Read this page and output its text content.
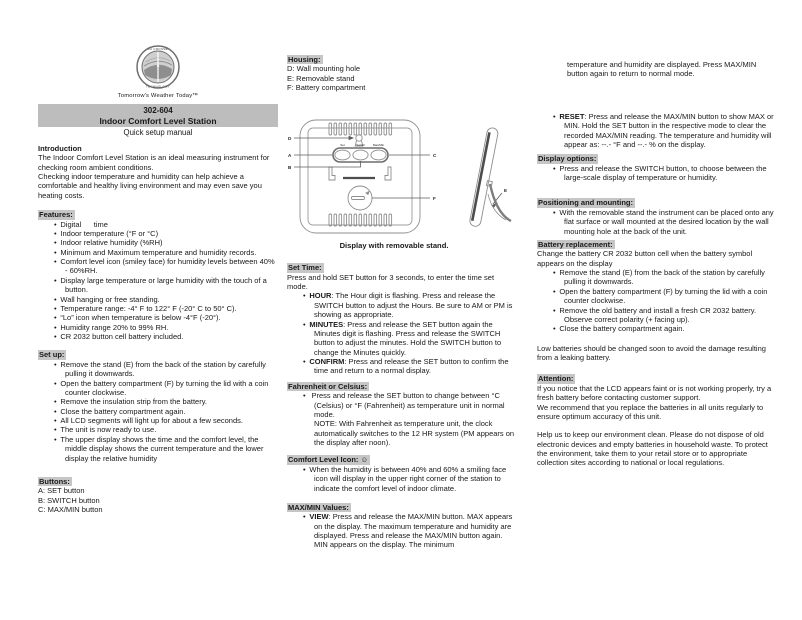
LA CROSSE
TECHNOLOGY
Tomorrow's Weather Today™
302-604
Indoor Comfort Level Station
Quick setup manual
Introduction

The Indoor Comfort Level Station is an ideal measuring instrument for checking room ambient conditions.

Checking indoor temperature and humidity can help achieve a comfortable and healthy living environment and may even save you heating costs.

Features:
• Digital      time
• Indoor temperature (°F or °C)
• Indoor relative humidity (%RH)
• Minimum and Maximum temperature and humidity records.
• Comfort level icon (smiley face) for humidity levels between 40% - 60%RH.
• Display large temperature or large humidity with the touch of a button.
• Wall hanging or free standing.
• Temperature range: -4° F to 122° F (-20° C to 50° C).
• “Lo” icon when temperature is below -4°F (-20°).
• Humidity range 20% to 99% RH.
• CR 2032 button cell battery included.
Set up:
• Remove the stand (E) from the back of the station by carefully pulling it downwards.
• Open the battery compartment (F) by turning the lid with a coin counter clockwise.
• Remove the insulation strip from the battery.
• Close the battery compartment again.
• All LCD segments will light up for about a few seconds.
• The unit is now ready to use.
• The upper display shows the time and the comfort level, the middle display shows the current temperature and the lower display the relative humidity
Buttons:

A: SET button

B: SWITCH button

C: MAX/MIN button

Housing:

D: Wall mounting hole

E: Removable stand

F: Battery compartment

D
A
B
C
F
E
Set	Switch	Max/Min
Display with removable stand.
Set Time:

Press and hold SET button for 3 seconds, to enter the time set mode.

• HOUR: The Hour digit is flashing. Press and release the SWITCH button to adjust the Hours. Be sure to AM or PM is showing as appropriate.
• MINUTES: Press and release the SET button again the Minutes digit is flashing. Press and release the SWITCH button to adjust the minutes. Hold the SWITCH button to change the Minutes quickly.
• CONFIRM: Press and release the SET button to confirm the time and return to a normal display.
Fahrenheit or Celsius:
• Press and release the SET button to change between °C (Celsius) or °F (Fahrenheit) as temperature unit in normal mode.
NOTE: With Fahrenheit as temperature unit, the clock automatically switches to the 12 HR system (PM appears on the display after noon).
Comfort Level Icon: ☺
• When the humidity is between 40% and 60% a smiling face icon will display in the upper right corner of the station to indicate the comfort level of indoor climate.
MAX/MIN Values:
• VIEW: Press and release the MAX/MIN button. MAX appears on the display. The maximum temperature and humidity are displayed. Press and release the MAX/MIN button again. MIN appears on the display. The minimum

temperature and humidity are displayed. Press MAX/MIN button again to return to normal mode.

• RESET: Press and release the MAX/MIN button to show MAX or MIN. Hold the SET button in the respective mode to clear the recorded MAX/MIN reading. The temperature and humidity will appear as: --.- °F and --.- % on the display.
Display options:
• Press and release the SWITCH button, to choose between the large-scale display of temperature or humidity.
Positioning and mounting:
• With the removable stand the instrument can be placed onto any flat surface or wall mounted at the desired location by the wall mounting hole at the back of the unit.
Battery replacement:

Change the battery CR 2032 button cell when the battery symbol appears on the display

• Remove the stand (E) from the back of the station by carefully pulling it downwards.
• Open the battery compartment (F) by turning the lid with a coin counter clockwise.
• Remove the old battery and install a fresh CR 2032 battery. Observe correct polarity (+ facing up).
• Close the battery compartment again.

Low batteries should be changed soon to avoid the damage resulting from a leaking battery.

Attention:

If you notice that the LCD appears faint or is not working properly, try a fresh battery before contacting customer support.

We recommend that you replace the batteries in all units regularly to ensure optimum accuracy of this unit.

Help us to keep our environment clean. Please do not dispose of old electronic devices and empty batteries in household waste. To protect the environment, take them to your retail store or to appropriate collection sites according to national or local regulations.
